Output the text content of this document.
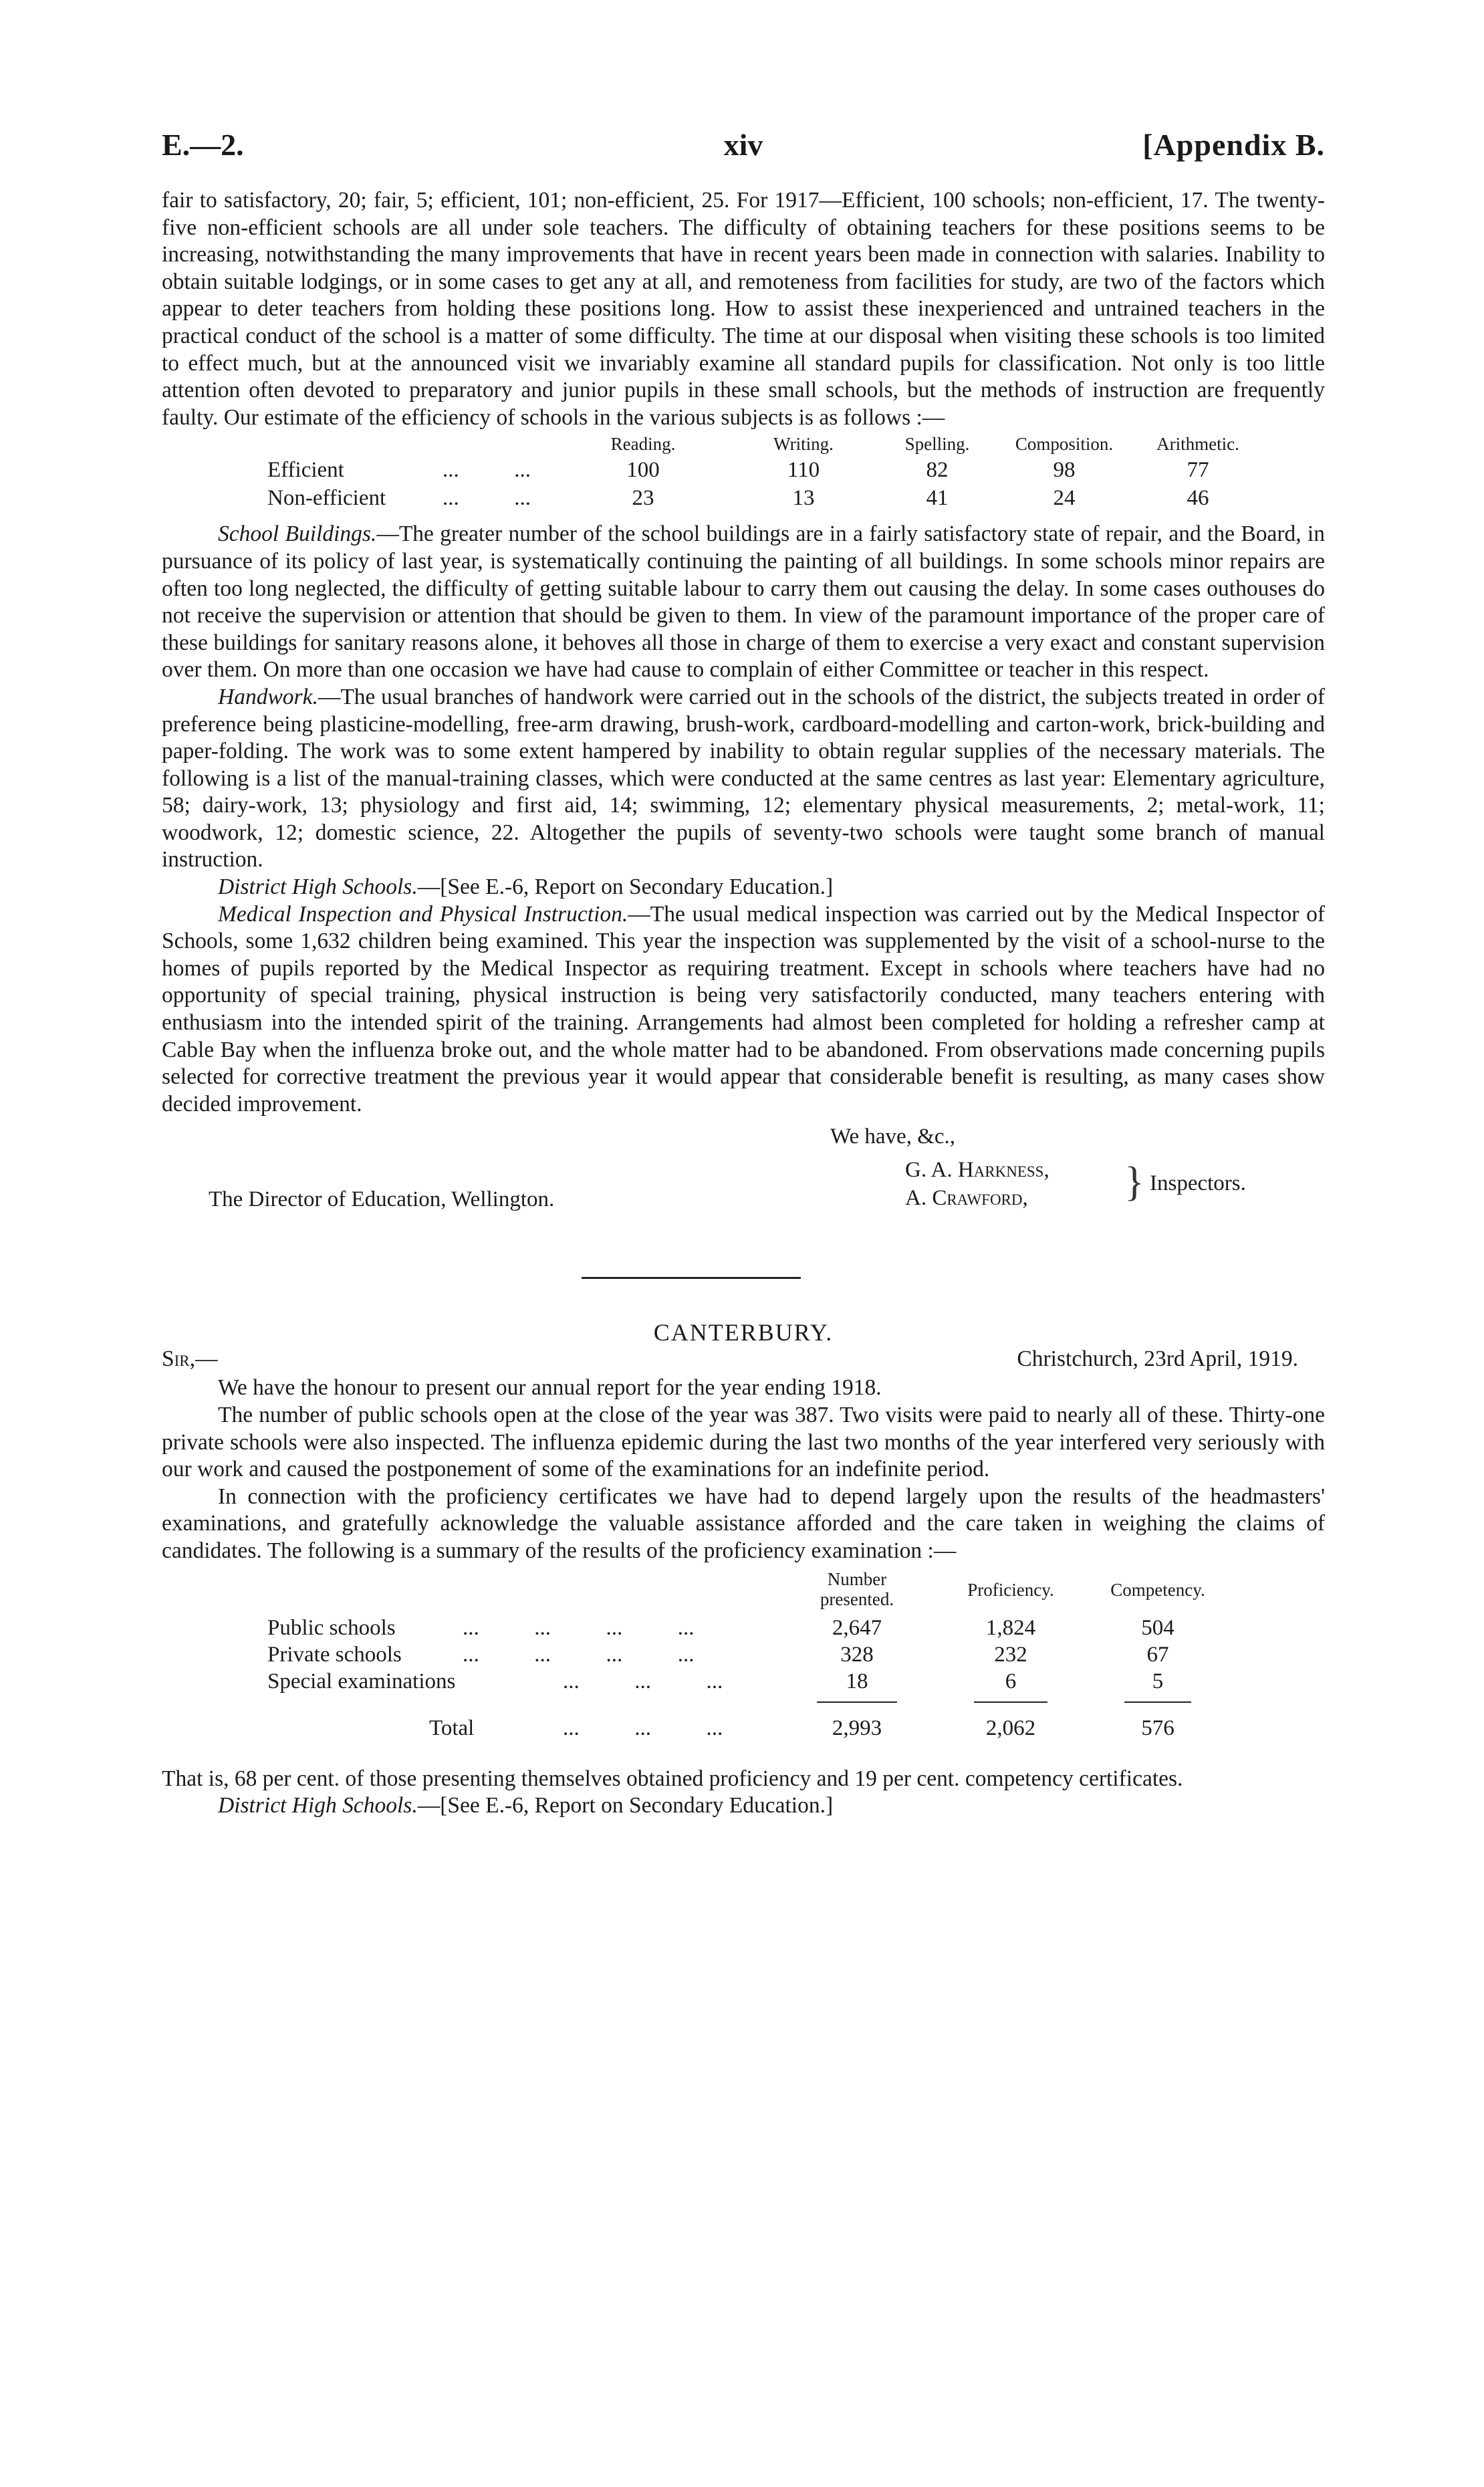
E.—2.	xiv	[Appendix B.

fair to satisfactory, 20; fair, 5; efficient, 101; non-efficient, 25. For 1917—Efficient, 100 schools; non-efficient, 17. The twenty-five non-efficient schools are all under sole teachers. The difficulty of obtaining teachers for these positions seems to be increasing, notwithstanding the many improvements that have in recent years been made in connection with salaries. Inability to obtain suitable lodgings, or in some cases to get any at all, and remoteness from facilities for study, are two of the factors which appear to deter teachers from holding these positions long. How to assist these inexperienced and untrained teachers in the practical conduct of the school is a matter of some difficulty. The time at our disposal when visiting these schools is too limited to effect much, but at the announced visit we invariably examine all standard pupils for classification. Not only is too little attention often devoted to preparatory and junior pupils in these small schools, but the methods of instruction are frequently faulty. Our estimate of the efficiency of schools in the various subjects is as follows :—

Reading.	Writing.	Spelling.	Composition.	Arithmetic.
Efficient	...          ...	100	110	82	98	77
Non-efficient	...          ...	23	13	41	24	46

School Buildings.—The greater number of the school buildings are in a fairly satisfactory state of repair, and the Board, in pursuance of its policy of last year, is systematically continuing the painting of all buildings. In some schools minor repairs are often too long neglected, the difficulty of getting suitable labour to carry them out causing the delay. In some cases outhouses do not receive the supervision or attention that should be given to them. In view of the paramount importance of the proper care of these buildings for sanitary reasons alone, it behoves all those in charge of them to exercise a very exact and constant supervision over them. On more than one occasion we have had cause to complain of either Committee or teacher in this respect.

Handwork.—The usual branches of handwork were carried out in the schools of the district, the subjects treated in order of preference being plasticine-modelling, free-arm drawing, brush-work, cardboard-modelling and carton-work, brick-building and paper-folding. The work was to some extent hampered by inability to obtain regular supplies of the necessary materials. The following is a list of the manual-training classes, which were conducted at the same centres as last year: Elementary agriculture, 58; dairy-work, 13; physiology and first aid, 14; swimming, 12; elementary physical measurements, 2; metal-work, 11; woodwork, 12; domestic science, 22. Altogether the pupils of seventy-two schools were taught some branch of manual instruction.

District High Schools.—[See E.-6, Report on Secondary Education.]

Medical Inspection and Physical Instruction.—The usual medical inspection was carried out by the Medical Inspector of Schools, some 1,632 children being examined. This year the inspection was supplemented by the visit of a school-nurse to the homes of pupils reported by the Medical Inspector as requiring treatment. Except in schools where teachers have had no opportunity of special training, physical instruction is being very satisfactorily conducted, many teachers entering with enthusiasm into the intended spirit of the training. Arrangements had almost been completed for holding a refresher camp at Cable Bay when the influenza broke out, and the whole matter had to be abandoned. From observations made concerning pupils selected for corrective treatment the previous year it would appear that considerable benefit is resulting, as many cases show decided improvement.

We have, &c.,
G. A. Harkness,
A. Crawford, } Inspectors.
The Director of Education, Wellington.
CANTERBURY.
Sir,—	Christchurch, 23rd April, 1919.

We have the honour to present our annual report for the year ending 1918.

The number of public schools open at the close of the year was 387. Two visits were paid to nearly all of these. Thirty-one private schools were also inspected. The influenza epidemic during the last two months of the year interfered very seriously with our work and caused the postponement of some of the examinations for an indefinite period.

In connection with the proficiency certificates we have had to depend largely upon the results of the headmasters' examinations, and gratefully acknowledge the valuable assistance afforded and the care taken in weighing the claims of candidates. The following is a summary of the results of the proficiency examination :—

Number presented.	Proficiency.	Competency.
Public schools	...          ...          ...          ...	2,647	1,824	504
Private schools	...          ...          ...          ...	328	232	67
Special examinations	...          ...          ...	18	6	5
Total	...          ...          ...	2,993	2,062	576

That is, 68 per cent. of those presenting themselves obtained proficiency and 19 per cent. competency certificates.

District High Schools.—[See E.-6, Report on Secondary Education.]
